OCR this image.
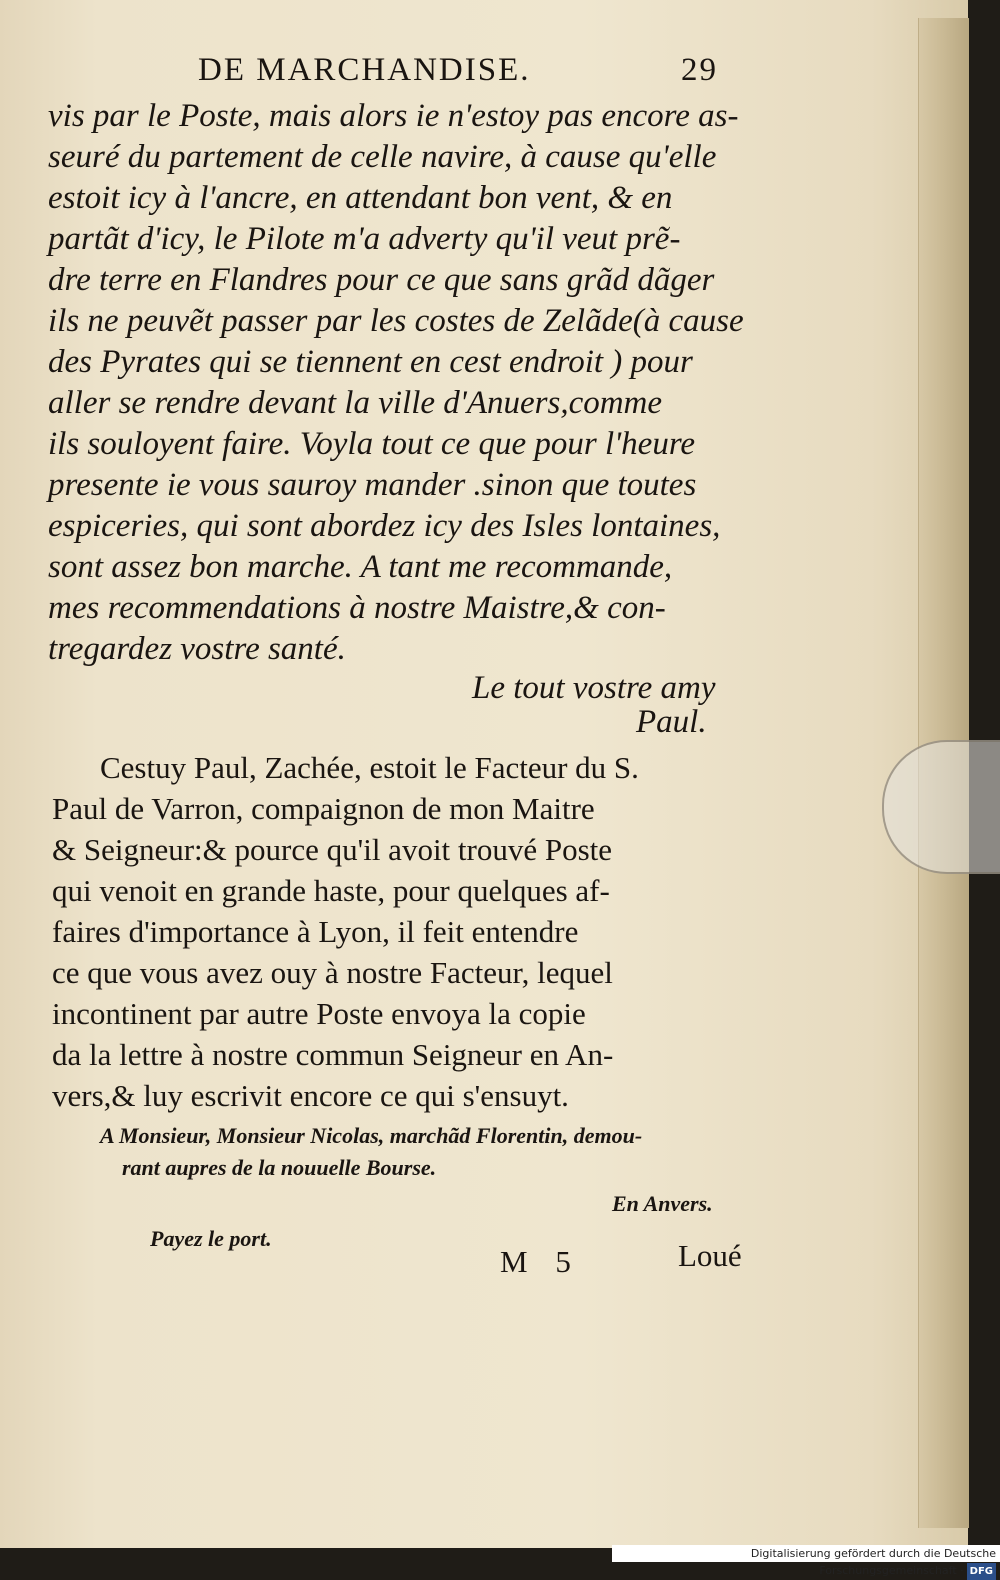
DE MARCHANDISE.	29
vis par le Poste, mais alors ie n'estoy pas encore as-
seuré du partement de celle navire, à cause qu'elle
estoit icy à l'ancre, en attendant bon vent, & en
partãt d'icy, le Pilote m'a adverty qu'il veut prẽ-
dre terre en Flandres pour ce que sans grãd dãger
ils ne peuvẽt passer par les costes de Zelãde(à cause
des Pyrates qui se tiennent en cest endroit ) pour
aller se rendre devant la ville d'Anuers,comme
ils souloyent faire. Voyla tout ce que pour l'heure
presente ie vous sauroy mander .sinon que toutes
espiceries, qui sont abordez icy des Isles lontaines,
sont assez bon marche. A tant me recommande,
mes recommendations à nostre Maistre,& con-
tregardez vostre santé.
Le tout vostre amy
Paul.
Cestuy Paul, Zachée, estoit le Facteur du S.
Paul de Varron, compaignon de mon Maitre
& Seigneur:& pource qu'il avoit trouvé Poste
qui venoit en grande haste, pour quelques af-
faires d'importance à Lyon, il feit entendre
ce que vous avez ouy à nostre Facteur, lequel
incontinent par autre Poste envoya la copie
da la lettre à nostre commun Seigneur en An-
vers,& luy escrivit encore ce qui s'ensuyt.
A Monsieur, Monsieur Nicolas, marchãd Florentin, demou-
rant aupres de la nouuelle Bourse.
En Anvers.
Payez le port.
M 5	Loué
Digitalisierung gefördert durch die Deutsche Forschungsgemeinschaft · DFG
